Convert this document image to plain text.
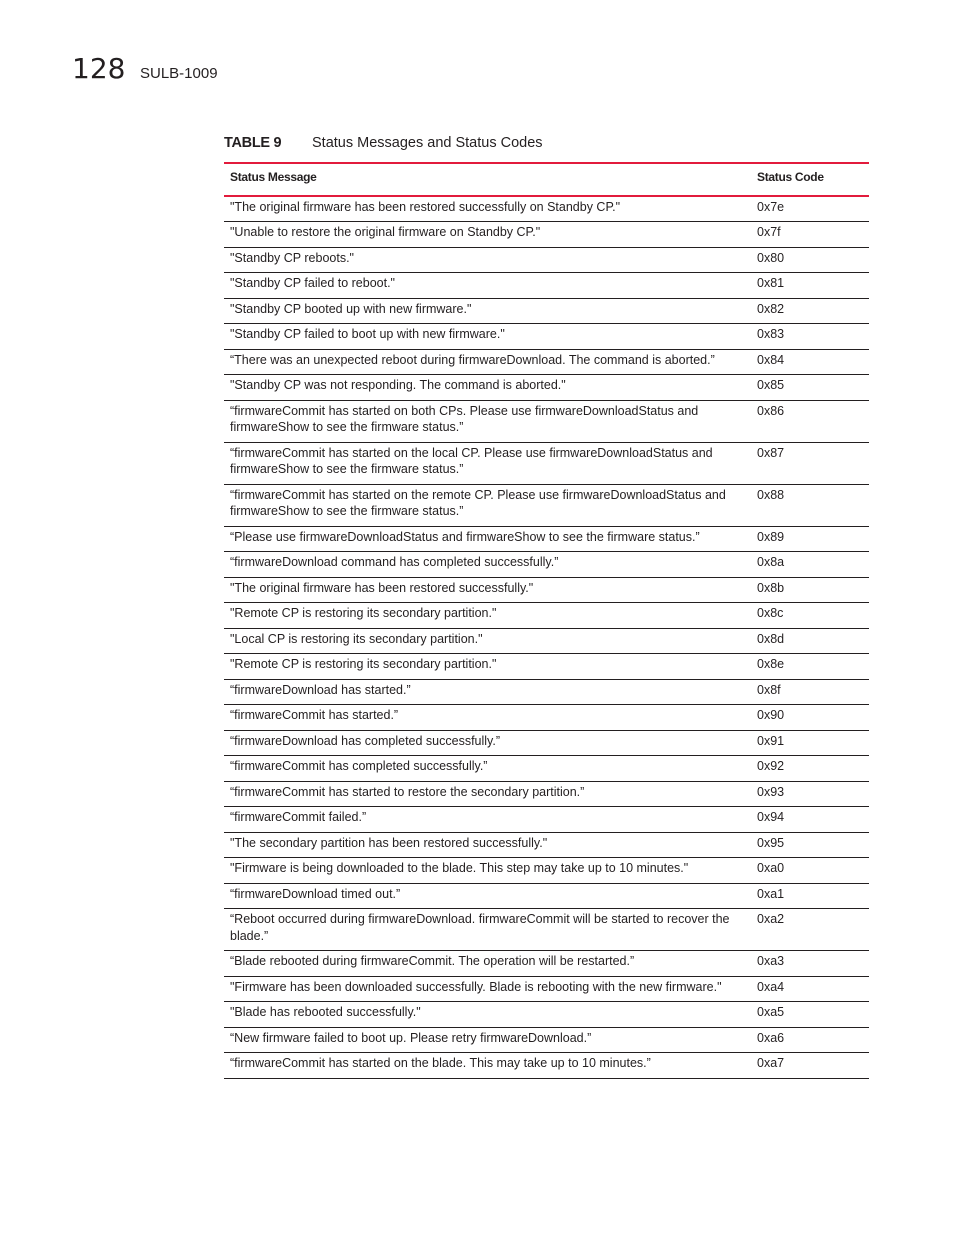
128 SULB-1009
TABLE 9 Status Messages and Status Codes
Status Message	Status Code
"The original firmware has been restored successfully on Standby CP."	0x7e
"Unable to restore the original firmware on Standby CP."	0x7f
"Standby CP reboots."	0x80
"Standby CP failed to reboot."	0x81
"Standby CP booted up with new firmware."	0x82
"Standby CP failed to boot up with new firmware."	0x83
“There was an unexpected reboot during firmwareDownload. The command is aborted.”	0x84
"Standby CP was not responding. The command is aborted."	0x85
“firmwareCommit has started on both CPs. Please use firmwareDownloadStatus and firmwareShow to see the firmware status.”	0x86
“firmwareCommit has started on the local CP. Please use firmwareDownloadStatus and firmwareShow to see the firmware status.”	0x87
“firmwareCommit has started on the remote CP. Please use firmwareDownloadStatus and firmwareShow to see the firmware status.”	0x88
“Please use firmwareDownloadStatus and firmwareShow to see the firmware status.”	0x89
“firmwareDownload command has completed successfully.”	0x8a
"The original firmware has been restored successfully."	0x8b
"Remote CP is restoring its secondary partition."	0x8c
"Local CP is restoring its secondary partition."	0x8d
"Remote CP is restoring its secondary partition."	0x8e
“firmwareDownload has started.”	0x8f
“firmwareCommit has started.”	0x90
“firmwareDownload has completed successfully.”	0x91
“firmwareCommit has completed successfully.”	0x92
“firmwareCommit has started to restore the secondary partition.”	0x93
“firmwareCommit failed.”	0x94
"The secondary partition has been restored successfully."	0x95
"Firmware is being downloaded to the blade. This step may take up to 10 minutes."	0xa0
“firmwareDownload timed out.”	0xa1
“Reboot occurred during firmwareDownload. firmwareCommit will be started to recover the blade.”	0xa2
“Blade rebooted during firmwareCommit. The operation will be restarted.”	0xa3
"Firmware has been downloaded successfully. Blade is rebooting with the new firmware."	0xa4
"Blade has rebooted successfully."	0xa5
“New firmware failed to boot up. Please retry firmwareDownload.”	0xa6
“firmwareCommit has started on the blade. This may take up to 10 minutes.”	0xa7
